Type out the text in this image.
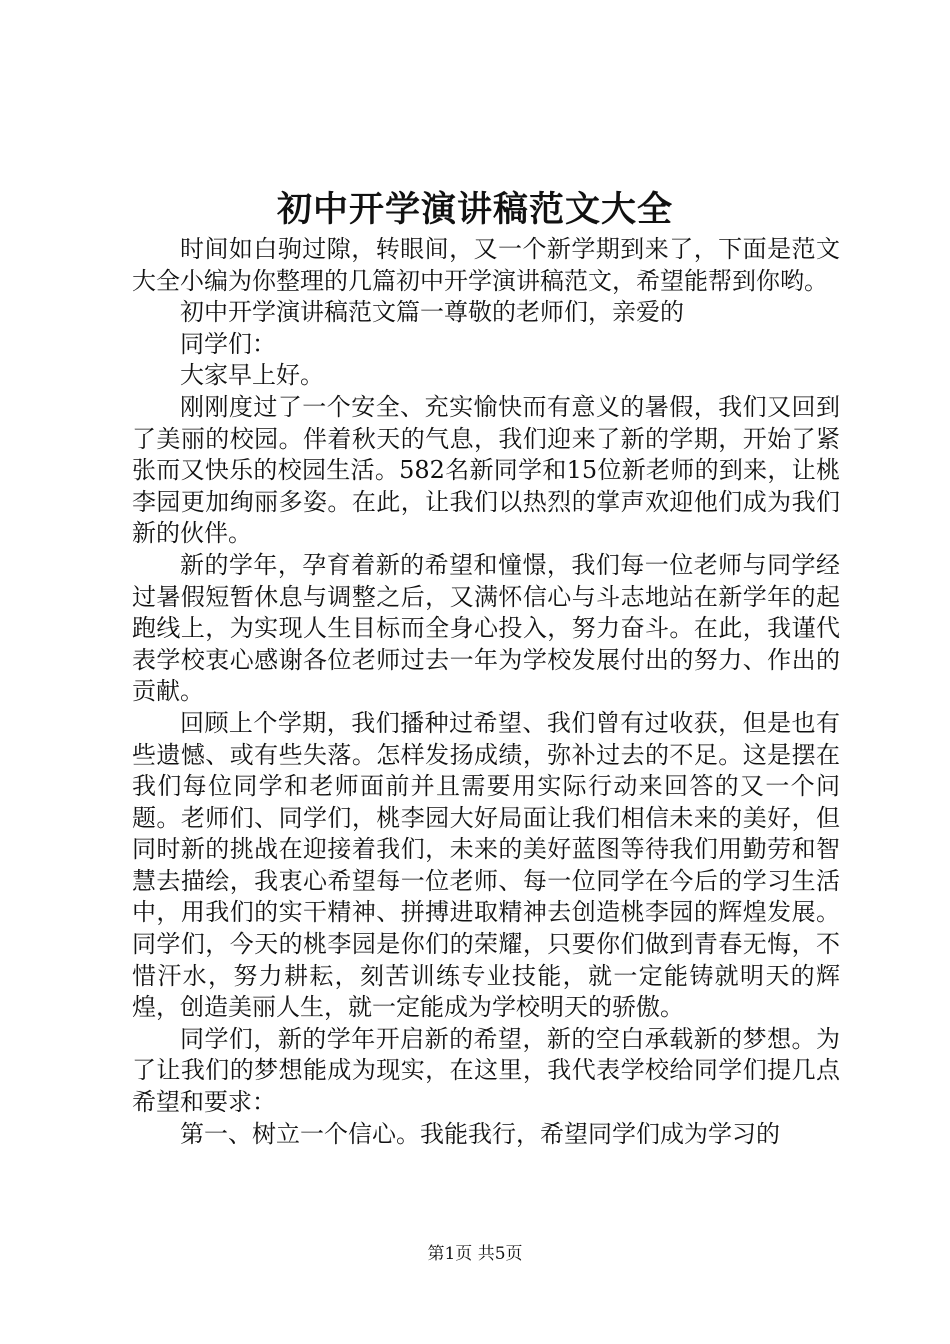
初中开学演讲稿范文大全

时间如白驹过隙，转眼间，又一个新学期到来了，下面是范文大全小编为你整理的几篇初中开学演讲稿范文，希望能帮到你哟。

初中开学演讲稿范文篇一尊敬的老师们，亲爱的

同学们：

大家早上好。

刚刚度过了一个安全、充实愉快而有意义的暑假，我们又回到了美丽的校园。伴着秋天的气息，我们迎来了新的学期，开始了紧张而又快乐的校园生活。582名新同学和15位新老师的到来，让桃李园更加绚丽多姿。在此，让我们以热烈的掌声欢迎他们成为我们新的伙伴。

新的学年，孕育着新的希望和憧憬，我们每一位老师与同学经过暑假短暂休息与调整之后，又满怀信心与斗志地站在新学年的起跑线上，为实现人生目标而全身心投入，努力奋斗。在此，我谨代表学校衷心感谢各位老师过去一年为学校发展付出的努力、作出的贡献。

回顾上个学期，我们播种过希望、我们曾有过收获，但是也有些遗憾、或有些失落。怎样发扬成绩，弥补过去的不足。这是摆在我们每位同学和老师面前并且需要用实际行动来回答的又一个问题。老师们、同学们，桃李园大好局面让我们相信未来的美好，但同时新的挑战在迎接着我们，未来的美好蓝图等待我们用勤劳和智慧去描绘，我衷心希望每一位老师、每一位同学在今后的学习生活中，用我们的实干精神、拼搏进取精神去创造桃李园的辉煌发展。同学们，今天的桃李园是你们的荣耀，只要你们做到青春无悔，不惜汗水，努力耕耘，刻苦训练专业技能，就一定能铸就明天的辉煌，创造美丽人生，就一定能成为学校明天的骄傲。

同学们，新的学年开启新的希望，新的空白承载新的梦想。为了让我们的梦想能成为现实，在这里，我代表学校给同学们提几点希望和要求：

第一、树立一个信心。我能我行，希望同学们成为学习的

第1页 共5页
